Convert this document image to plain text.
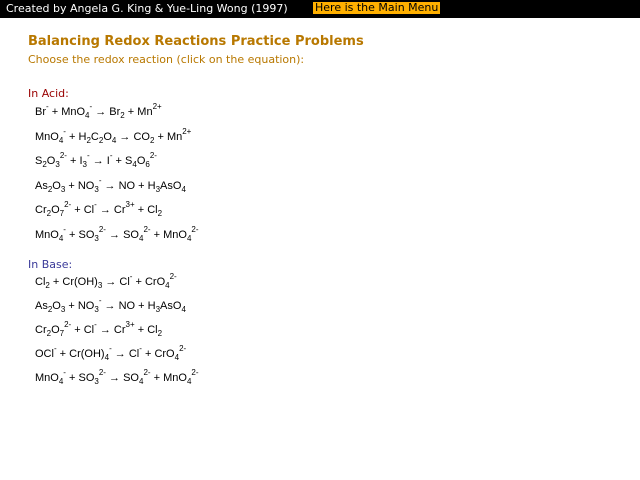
Created by Angela G. King & Yue-Ling Wong (1997) Here is the Main Menu
Balancing Redox Reactions Practice Problems
Choose the redox reaction (click on the equation):
In Acid:
$Br^- + MnO_4^- \to Br_2 + Mn^{2+}$
$MnO_4^- + H_2C_2O_4 \to CO_2 + Mn^{2+}$
$S_2O_3^{2-} + I_3^- \to I^- + S_4O_6^{2-}$
$As_2O_3 + NO_3^-$ → NO + $H_3AsO_4$
$Cr_2O_7^{2-} + Cl^- \to Cr^{3+} + Cl_2$
$MnO_4^- + SO_3^{2-} \to SO_4^{2-} + MnO_4^{2-}$
In Base:
$Cl_2 + Cr(OH)_3 \to Cl^- + CrO_4^{2-}$
$As_2O_3 + NO_3^-$ → NO + $H_3AsO_4$
$Cr_2O_7^{2-} + Cl^- \to Cr^{3+} + Cl_2$
$OCl^- + Cr(OH)_4^- \to Cl^- + CrO_4^{2-}$
$MnO_4^- + SO_3^{2-} \to SO_4^{2-} + MnO_4^{2-}$
